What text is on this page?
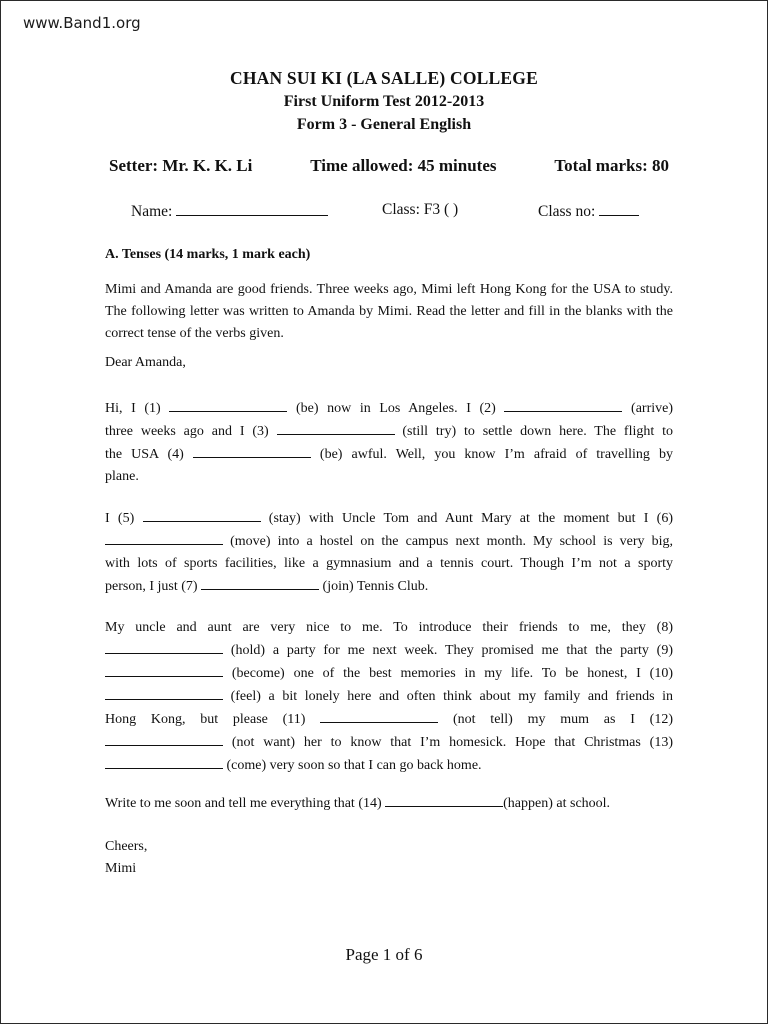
www.Band1.org
CHAN SUI KI (LA SALLE) COLLEGE
First Uniform Test 2012-2013
Form 3 - General English
Setter: Mr. K. K. Li	Time allowed: 45 minutes	Total marks: 80
Name:	Class: F3 ( )	Class no:
A. Tenses (14 marks, 1 mark each)

Mimi and Amanda are good friends. Three weeks ago, Mimi left Hong Kong for the USA to study. The following letter was written to Amanda by Mimi. Read the letter and fill in the blanks with the correct tense of the verbs given.

Dear Amanda,

Hi, I (1)	(be) now in Los Angeles. I (2)	(arrive)

three weeks ago and I (3)	(still try) to settle down here. The flight to

the USA (4)	(be) awful. Well, you know I’m afraid of travelling by

plane.

I (5)	(stay) with Uncle Tom and Aunt Mary at the moment but I (6)

(move) into a hostel on the campus next month. My school is very big,

with lots of sports facilities, like a gymnasium and a tennis court. Though I’m not a sporty

person, I just (7)	(join) Tennis Club.

My uncle and aunt are very nice to me. To introduce their friends to me, they (8)

(hold) a party for me next week. They promised me that the party (9)

(become) one of the best memories in my life. To be honest, I (10)

(feel) a bit lonely here and often think about my family and friends in

Hong Kong, but please (11)	(not tell) my mum as I (12)

(not want) her to know that I’m homesick. Hope that Christmas (13)

(come) very soon so that I can go back home.

Write to me soon and tell me everything that (14)	(happen) at school.

Cheers,

Mimi

Page 1 of 6
